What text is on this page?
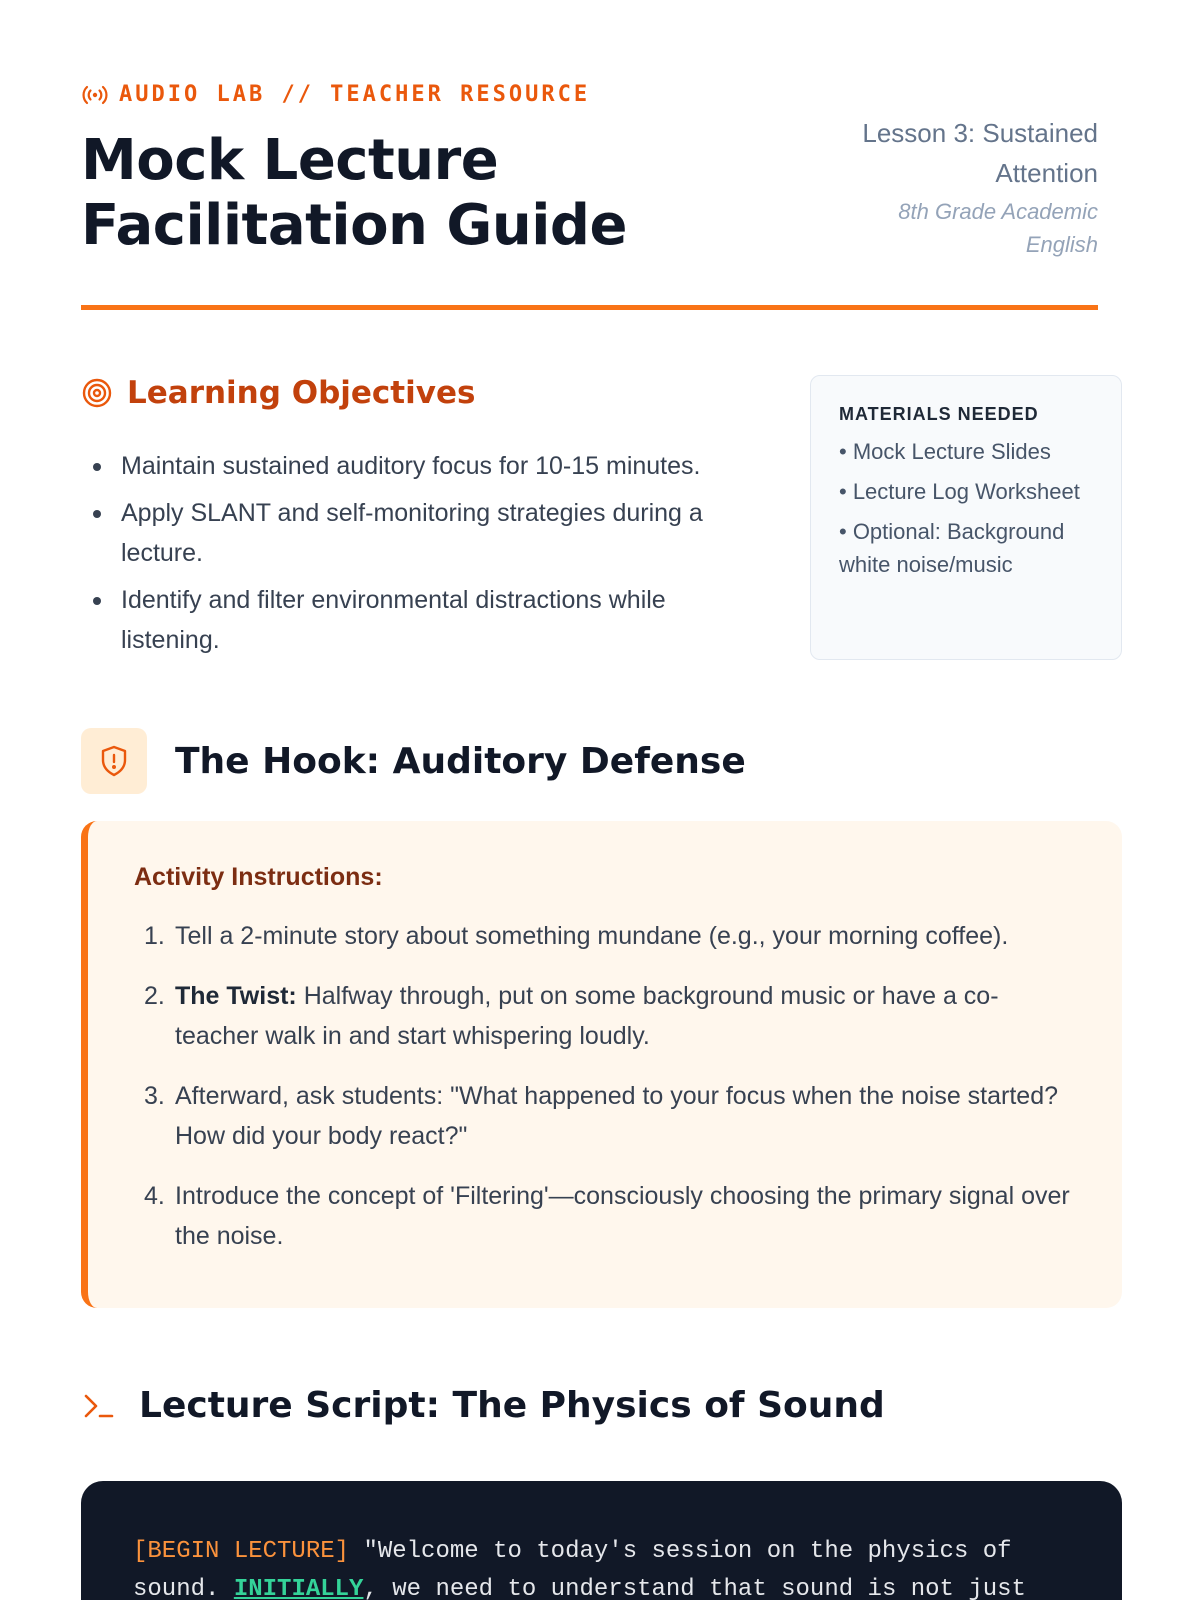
AUDIO LAB // TEACHER RESOURCE
Mock Lecture
Facilitation Guide
Lesson 3: Sustained
Attention
8th Grade Academic
English
Learning Objectives
Maintain sustained auditory focus for 10-15 minutes.
Apply SLANT and self-monitoring strategies during a lecture.
Identify and filter environmental distractions while listening.
MATERIALS NEEDED
• Mock Lecture Slides
• Lecture Log Worksheet
• Optional: Background white noise/music
The Hook: Auditory Defense
Activity Instructions:
1. Tell a 2-minute story about something mundane (e.g., your morning coffee).
2. The Twist: Halfway through, put on some background music or have a co-teacher walk in and start whispering loudly.
3. Afterward, ask students: "What happened to your focus when the noise started? How did your body react?"
4. Introduce the concept of 'Filtering'—consciously choosing the primary signal over the noise.
Lecture Script: The Physics of Sound
[BEGIN LECTURE] "Welcome to today's session on the physics of sound. INITIALLY, we need to understand that sound is not just
